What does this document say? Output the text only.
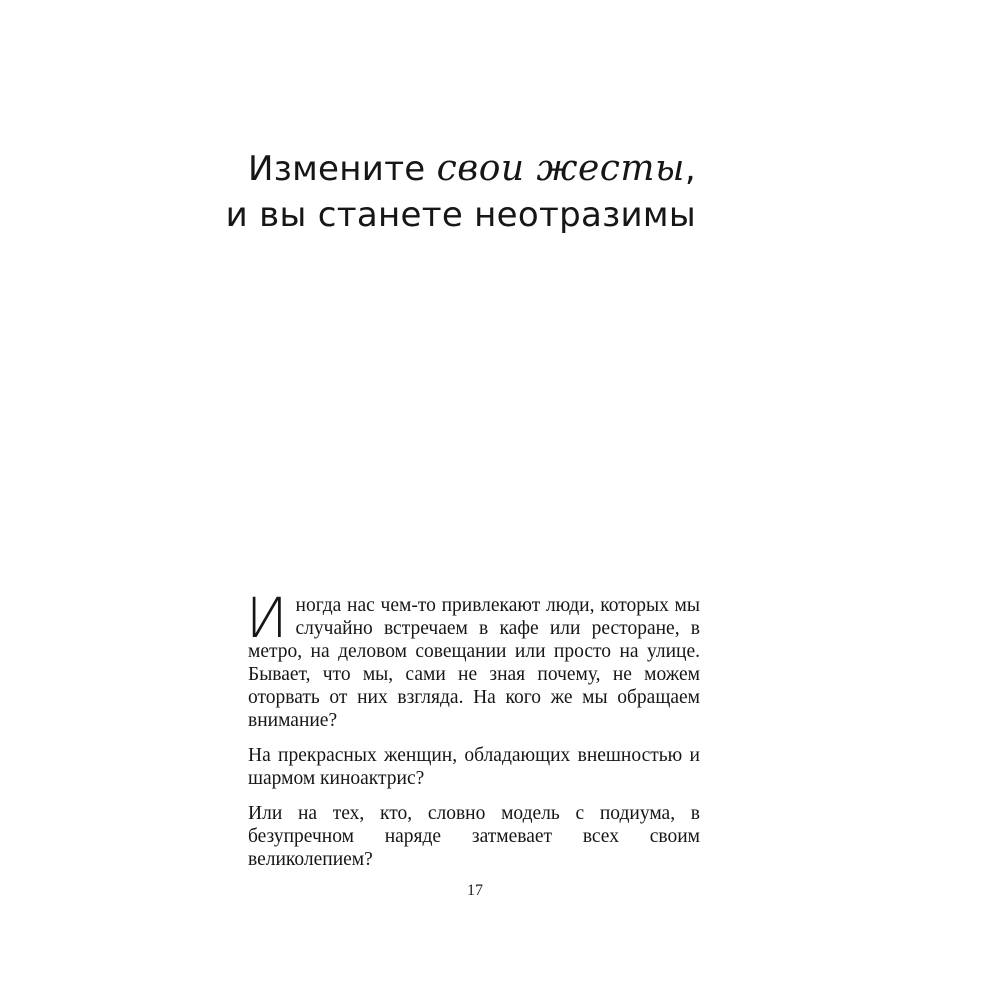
Измените свои жесты,
и вы станете неотразимы

Иногда нас чем-то привлекают люди, которых мы случайно встречаем в кафе или ресторане, в метро, на деловом совещании или просто на улице. Бывает, что мы, сами не зная почему, не можем оторвать от них взгляда. На кого же мы обращаем внимание?

На прекрасных женщин, обладающих внешностью и шармом киноактрис?

Или на тех, кто, словно модель с подиума, в безупречном наряде затмевает всех своим великолепием?

17
